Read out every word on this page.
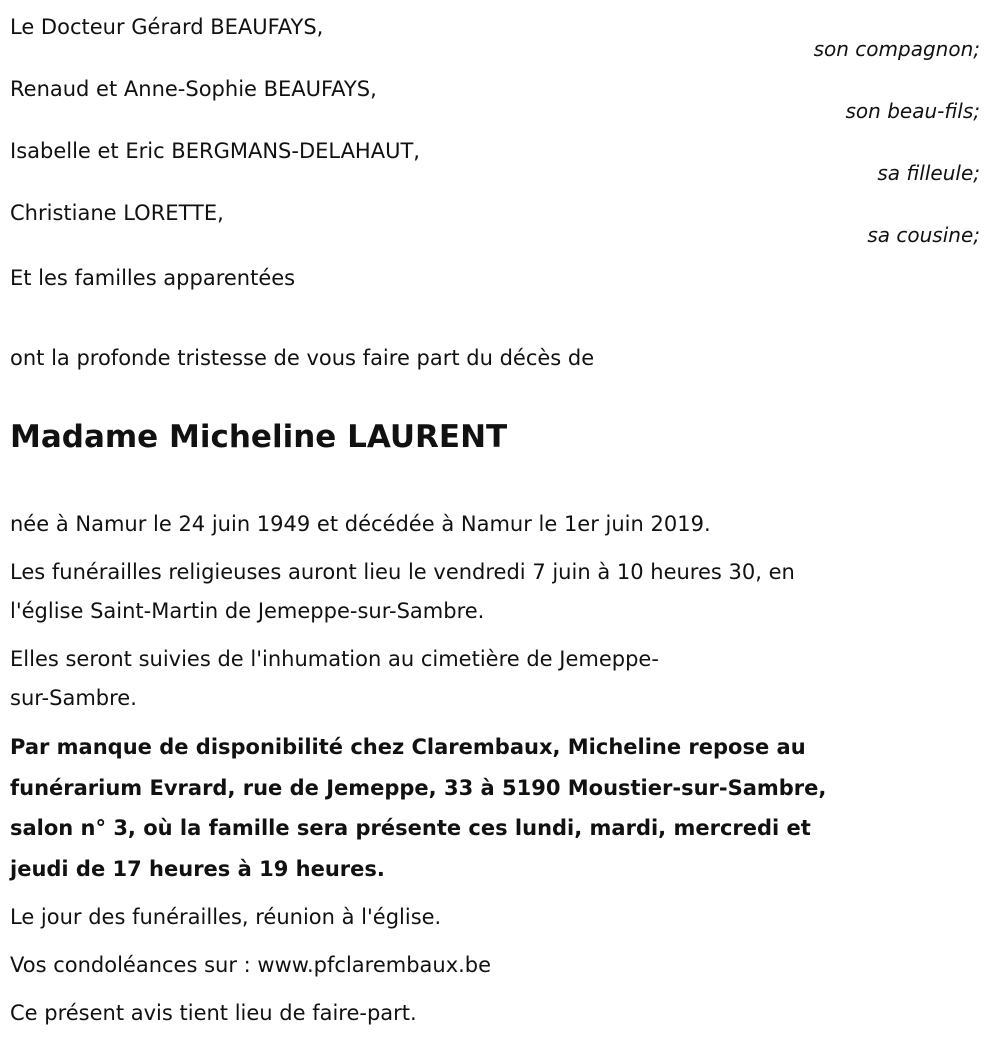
Le Docteur Gérard BEAUFAYS,
son compagnon;
Renaud et Anne-Sophie BEAUFAYS,
son beau-fils;
Isabelle et Eric BERGMANS-DELAHAUT,
sa filleule;
Christiane LORETTE,
sa cousine;
Et les familles apparentées
ont la profonde tristesse de vous faire part du décès de
Madame Micheline LAURENT

née à Namur le 24 juin 1949 et décédée à Namur le 1er juin 2019.

Les funérailles religieuses auront lieu le vendredi 7 juin à 10 heures 30, en
l'église Saint-Martin de Jemeppe-sur-Sambre.

Elles seront suivies de l'inhumation au cimetière de Jemeppe-
sur-Sambre.

Par manque de disponibilité chez Clarembaux, Micheline repose au
funérarium Evrard, rue de Jemeppe, 33 à 5190 Moustier-sur-Sambre,
salon n° 3, où la famille sera présente ces lundi, mardi, mercredi et
jeudi de 17 heures à 19 heures.

Le jour des funérailles, réunion à l'église.

Vos condoléances sur : www.pfclarembaux.be

Ce présent avis tient lieu de faire-part.
